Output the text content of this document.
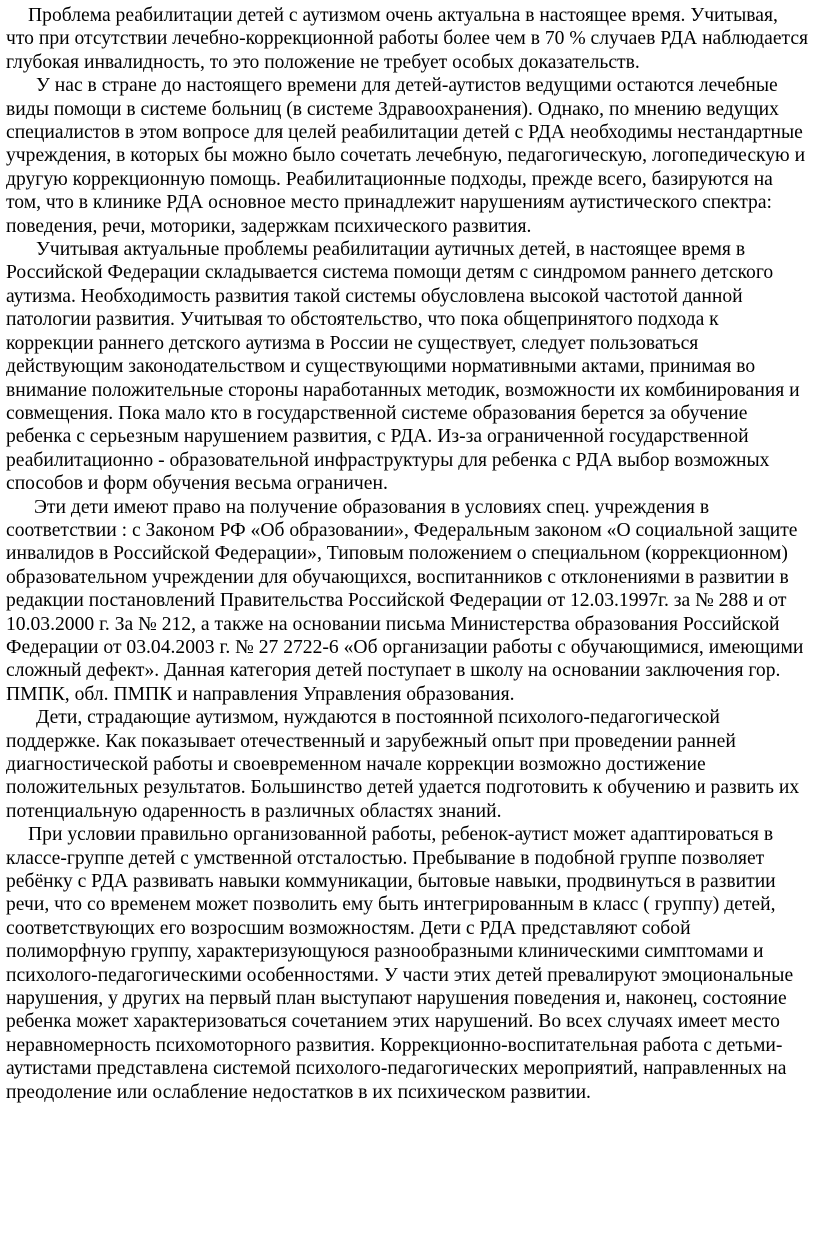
Проблема реабилитации детей с аутизмом очень актуальна в настоящее время. Учитывая, что при отсутствии лечебно-коррекционной работы более чем в 70 % случаев РДА наблюдается глубокая инвалидность, то это положение не требует особых доказательств.

У нас в стране до настоящего времени для детей-аутистов ведущими остаются лечебные виды помощи в системе больниц (в системе Здравоохранения). Однако, по мнению ведущих специалистов в этом вопросе для целей реабилитации детей с РДА необходимы нестандартные учреждения, в которых бы можно было сочетать лечебную, педагогическую, логопедическую и другую коррекционную помощь. Реабилитационные подходы, прежде всего, базируются на том, что в клинике РДА основное место принадлежит нарушениям аутистического спектра: поведения, речи, моторики, задержкам психического развития.

Учитывая актуальные проблемы реабилитации аутичных детей, в настоящее время в Российской Федерации складывается система помощи детям с синдромом раннего детского аутизма. Необходимость развития такой системы обусловлена высокой частотой данной патологии развития. Учитывая то обстоятельство, что пока общепринятого подхода к коррекции раннего детского аутизма в России не существует, следует пользоваться действующим законодательством и существующими нормативными актами, принимая во внимание положительные стороны наработанных методик, возможности их комбинирования и совмещения. Пока мало кто в государственной системе образования берется за обучение ребенка с серьезным нарушением развития, с РДА. Из-за ограниченной государственной реабилитационно - образовательной инфраструктуры для ребенка с РДА выбор возможных способов и форм обучения весьма ограничен.

Эти дети имеют право на получение образования в условиях спец. учреждения в соответствии : с Законом РФ «Об образовании», Федеральным законом «О социальной защите инвалидов в Российской Федерации», Типовым положением о специальном (коррекционном) образовательном учреждении для обучающихся, воспитанников с отклонениями в развитии в редакции постановлений Правительства Российской Федерации от 12.03.1997г. за № 288 и от 10.03.2000 г. За № 212, а также на основании письма Министерства образования Российской Федерации от 03.04.2003 г. № 27 2722-6 «Об организации работы с обучающимися, имеющими сложный дефект». Данная категория детей поступает в школу на основании заключения гор. ПМПК, обл. ПМПК и направления Управления образования.

Дети, страдающие аутизмом, нуждаются в постоянной психолого-педагогической поддержке. Как показывает отечественный и зарубежный опыт при проведении ранней диагностической работы и своевременном начале коррекции возможно достижение положительных результатов. Большинство детей удается подготовить к обучению и развить их потенциальную одаренность в различных областях знаний.

При условии правильно организованной работы, ребенок-аутист может адаптироваться в классе-группе детей с умственной отсталостью. Пребывание в подобной группе позволяет ребёнку с РДА развивать навыки коммуникации, бытовые навыки, продвинуться в развитии речи, что со временем может позволить ему быть интегрированным в класс ( группу) детей, соответствующих его возросшим возможностям. Дети с РДА представляют собой полиморфную группу, характеризующуюся разнообразными клиническими симптомами и психолого-педагогическими особенностями. У части этих детей превалируют эмоциональные нарушения, у других на первый план выступают нарушения поведения и, наконец, состояние ребенка может характеризоваться сочетанием этих нарушений. Во всех случаях имеет место неравномерность психомоторного развития. Коррекционно-воспитательная работа с детьми-аутистами представлена системой психолого-педагогических мероприятий, направленных на преодоление или ослабление недостатков в их психическом развитии.
